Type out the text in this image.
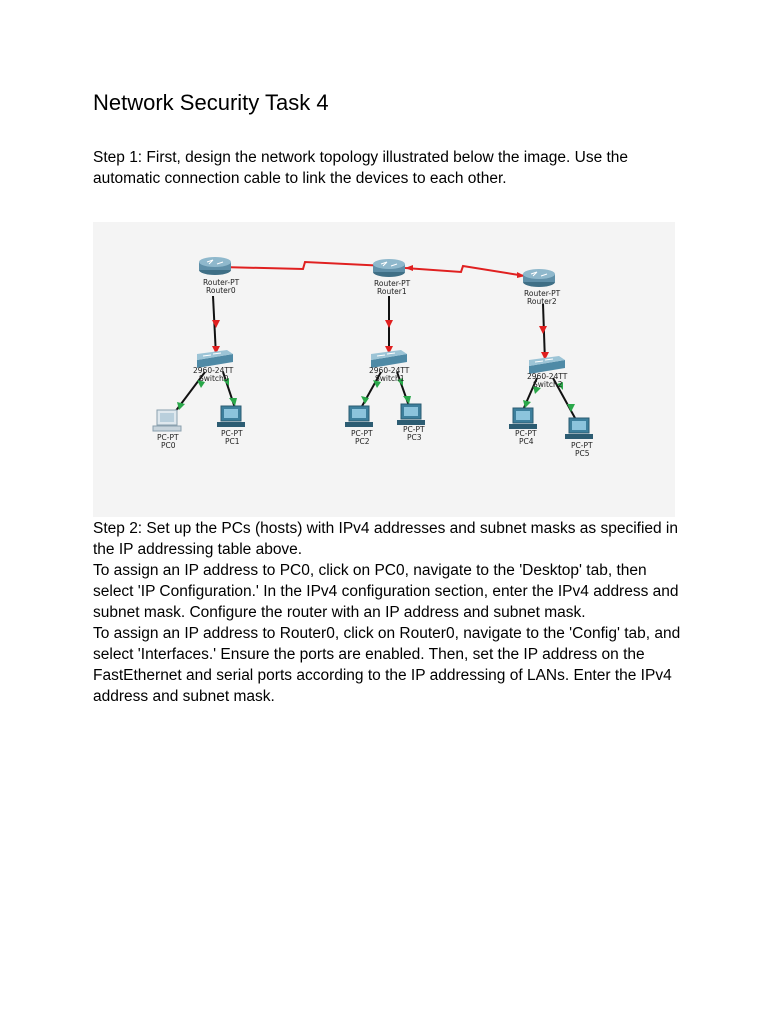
Network Security Task 4

Step 1: First, design the network topology illustrated below the image. Use the automatic connection cable to link the devices to each other.

Router-PT
Router0
Router-PT
Router1	Router-PT
Router2
2960-24TT
Switch0
2960-24TT
Switch1	2960-24TT
Switch2
PC-PT
PC0
PC-PT
PC1
PC-PT
PC2
PC-PT
PC3	PC-PT
PC4	PC-PT
PC5
Step 2: Set up the PCs (hosts) with IPv4 addresses and subnet masks as specified in the IP addressing table above.
To assign an IP address to PC0, click on PC0, navigate to the 'Desktop' tab, then select 'IP Configuration.' In the IPv4 configuration section, enter the IPv4 address and subnet mask. Configure the router with an IP address and subnet mask.
To assign an IP address to Router0, click on Router0, navigate to the 'Config' tab, and select 'Interfaces.' Ensure the ports are enabled. Then, set the IP address on the FastEthernet and serial ports according to the IP addressing of LANs. Enter the IPv4 address and subnet mask.
